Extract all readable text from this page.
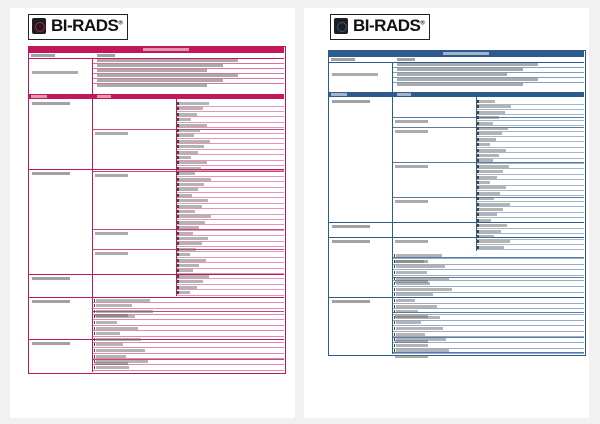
BI-RADS®	BI-RADS®
